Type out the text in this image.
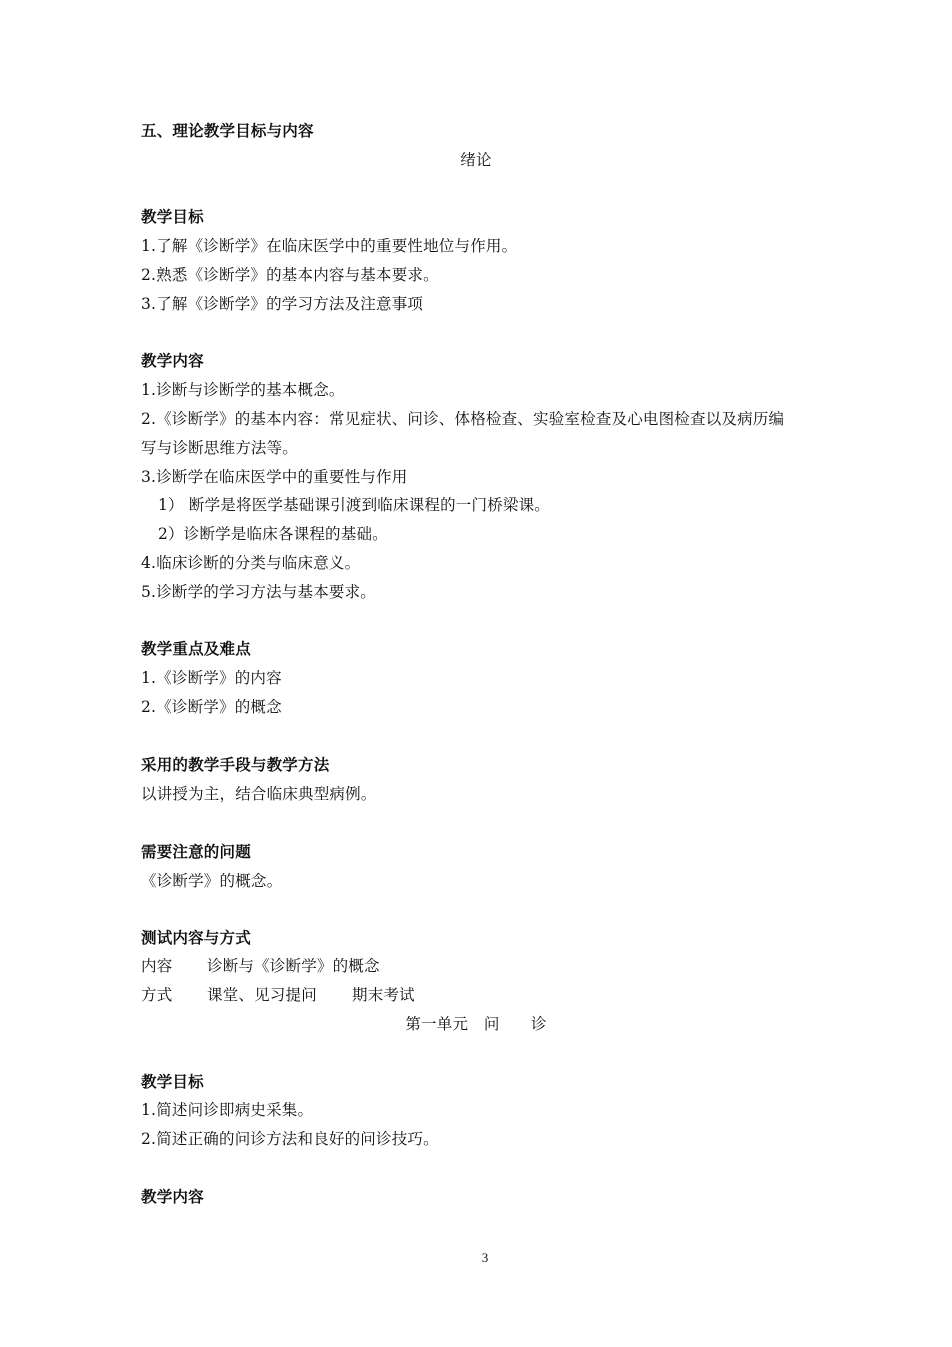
五、理论教学目标与内容
绪论
教学目标
1.了解《诊断学》在临床医学中的重要性地位与作用。
2.熟悉《诊断学》的基本内容与基本要求。
3.了解《诊断学》的学习方法及注意事项
教学内容
1.诊断与诊断学的基本概念。
2.《诊断学》的基本内容：常见症状、问诊、体格检查、实验室检查及心电图检查以及病历编
写与诊断思维方法等。
3.诊断学在临床医学中的重要性与作用
1） 断学是将医学基础课引渡到临床课程的一门桥梁课。
2）诊断学是临床各课程的基础。
4.临床诊断的分类与临床意义。
5.诊断学的学习方法与基本要求。
教学重点及难点
1.《诊断学》的内容
2.《诊断学》的概念
采用的教学手段与教学方法
以讲授为主，结合临床典型病例。
需要注意的问题
《诊断学》的概念。
测试内容与方式
内容 诊断与《诊断学》的概念
方式 课堂、见习提问 期末考试
第一单元　问　　诊
教学目标
1.简述问诊即病史采集。
2.简述正确的问诊方法和良好的问诊技巧。
教学内容
3
